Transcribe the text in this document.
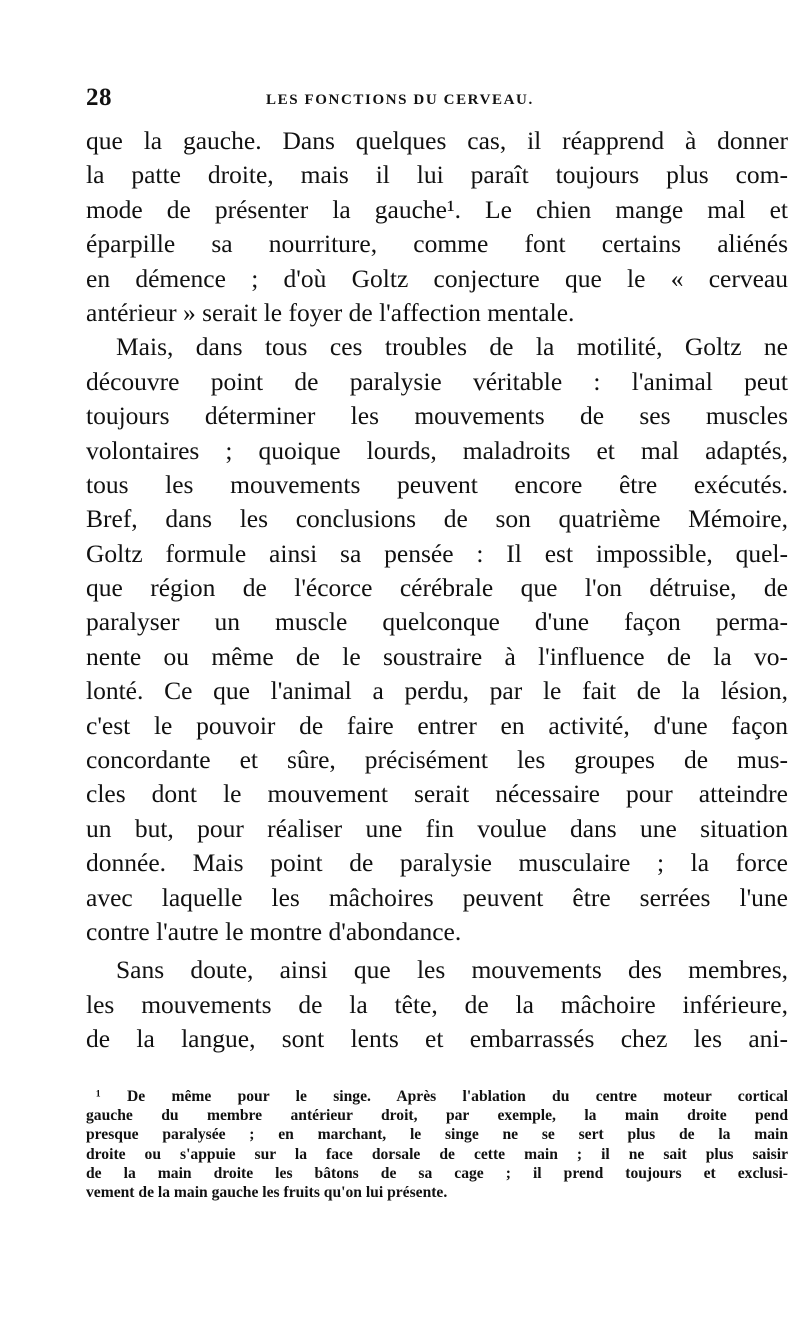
28	LES FONCTIONS DU CERVEAU.
que la gauche. Dans quelques cas, il réapprend à donner
la patte droite, mais il lui paraît toujours plus com-
mode de présenter la gauche¹. Le chien mange mal et
éparpille sa nourriture, comme font certains aliénés
en démence ; d'où Goltz conjecture que le « cerveau
antérieur » serait le foyer de l'affection mentale.
Mais, dans tous ces troubles de la motilité, Goltz ne
découvre point de paralysie véritable : l'animal peut
toujours déterminer les mouvements de ses muscles
volontaires ; quoique lourds, maladroits et mal adaptés,
tous les mouvements peuvent encore être exécutés.
Bref, dans les conclusions de son quatrième Mémoire,
Goltz formule ainsi sa pensée : Il est impossible, quel-
que région de l'écorce cérébrale que l'on détruise, de
paralyser un muscle quelconque d'une façon perma-
nente ou même de le soustraire à l'influence de la vo-
lonté. Ce que l'animal a perdu, par le fait de la lésion,
c'est le pouvoir de faire entrer en activité, d'une façon
concordante et sûre, précisément les groupes de mus-
cles dont le mouvement serait nécessaire pour atteindre
un but, pour réaliser une fin voulue dans une situation
donnée. Mais point de paralysie musculaire ; la force
avec laquelle les mâchoires peuvent être serrées l'une
contre l'autre le montre d'abondance.
Sans doute, ainsi que les mouvements des membres,
les mouvements de la tête, de la mâchoire inférieure,
de la langue, sont lents et embarrassés chez les ani-
¹ De même pour le singe. Après l'ablation du centre moteur cortical
gauche du membre antérieur droit, par exemple, la main droite pend
presque paralysée ; en marchant, le singe ne se sert plus de la main
droite ou s'appuie sur la face dorsale de cette main ; il ne sait plus saisir
de la main droite les bâtons de sa cage ; il prend toujours et exclusi-
vement de la main gauche les fruits qu'on lui présente.
